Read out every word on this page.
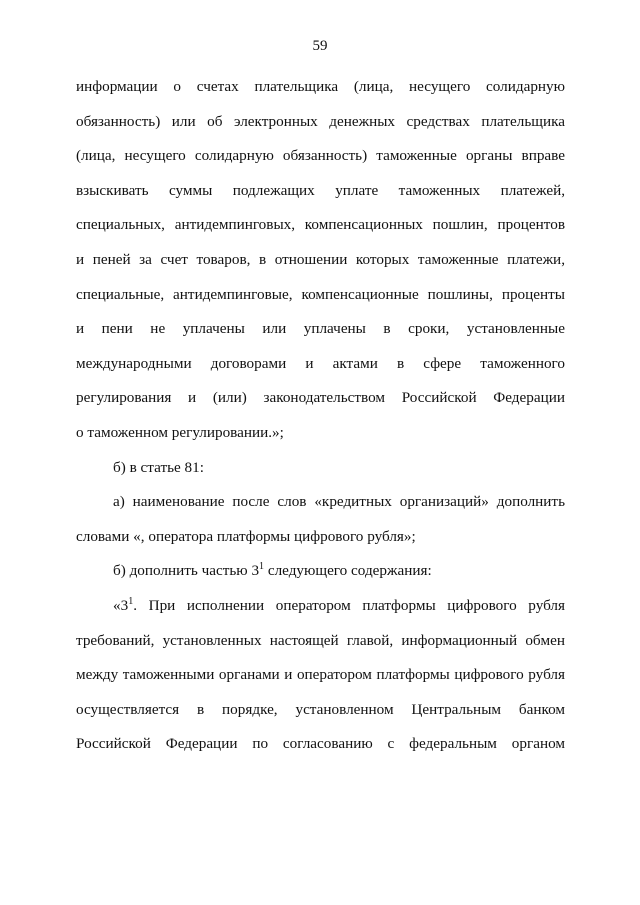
59
информации о счетах плательщика (лица, несущего солидарную
обязанность) или об электронных денежных средствах плательщика
(лица, несущего солидарную обязанность) таможенные органы вправе
взыскивать суммы подлежащих уплате таможенных платежей,
специальных, антидемпинговых, компенсационных пошлин, процентов
и пеней за счет товаров, в отношении которых таможенные платежи,
специальные, антидемпинговые, компенсационные пошлины, проценты
и пени не уплачены или уплачены в сроки, установленные
международными договорами и актами в сфере таможенного
регулирования и (или) законодательством Российской Федерации
о таможенном регулировании.»;
б) в статье 81:
а) наименование после слов «кредитных организаций» дополнить
словами «, оператора платформы цифрового рубля»;
б) дополнить частью $3^1$ следующего содержания:
«$3^1$. При исполнении оператором платформы цифрового рубля
требований, установленных настоящей главой, информационный обмен
между таможенными органами и оператором платформы цифрового рубля
осуществляется в порядке, установленном Центральным банком
Российской Федерации по согласованию с федеральным органом
